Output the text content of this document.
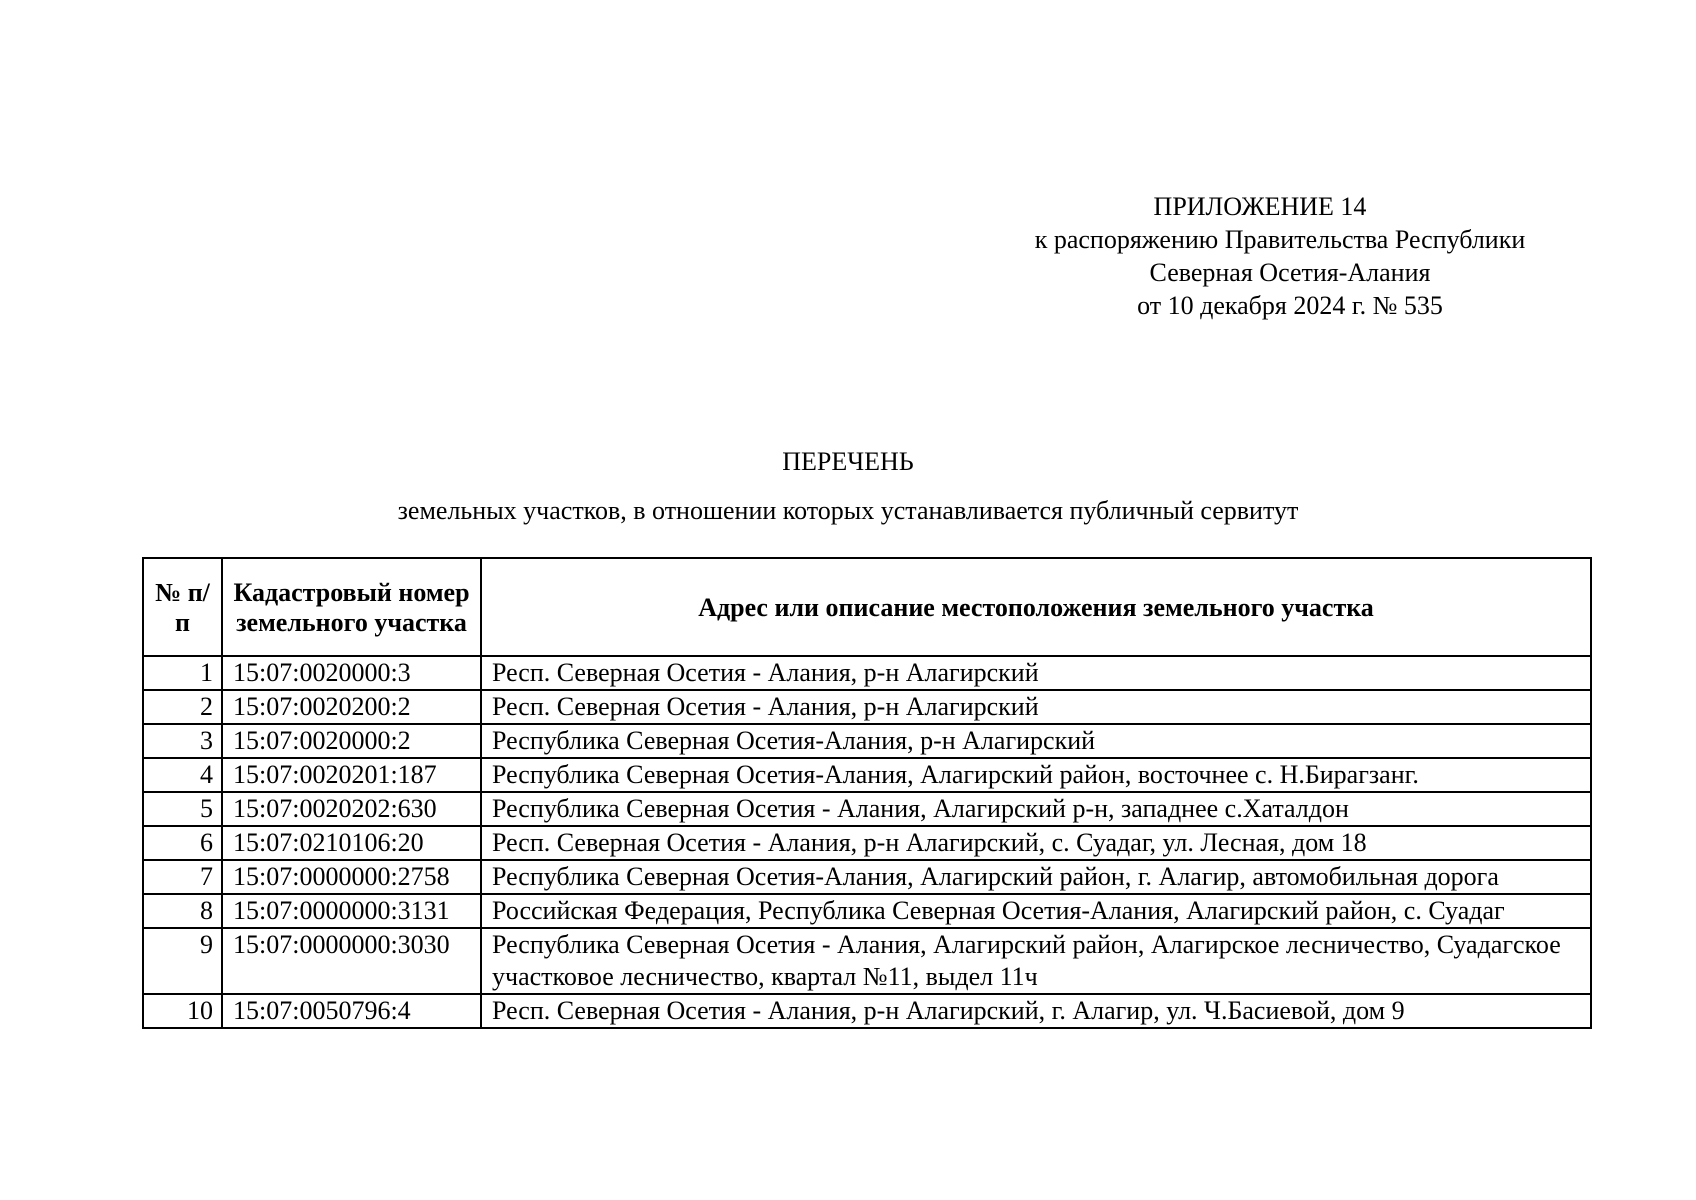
ПРИЛОЖЕНИЕ 14
к распоряжению Правительства Республики
Северная Осетия-Алания
от 10 декабря 2024 г. № 535
ПЕРЕЧЕНЬ
земельных участков, в отношении которых устанавливается публичный сервитут
№ п/п	Кадастровый номер земельного участка	Адрес или описание местоположения земельного участка
1	15:07:0020000:3	Респ. Северная Осетия - Алания, р-н Алагирский
2	15:07:0020200:2	Респ. Северная Осетия - Алания, р-н Алагирский
3	15:07:0020000:2	Республика Северная Осетия-Алания, р-н Алагирский
4	15:07:0020201:187	Республика Северная Осетия-Алания, Алагирский район, восточнее с. Н.Бирагзанг.
5	15:07:0020202:630	Республика Северная Осетия - Алания, Алагирский р-н, западнее с.Хаталдон
6	15:07:0210106:20	Респ. Северная Осетия - Алания, р-н Алагирский, с. Суадаг, ул. Лесная, дом 18
7	15:07:0000000:2758	Республика Северная Осетия-Алания, Алагирский район, г. Алагир, автомобильная дорога
8	15:07:0000000:3131	Российская Федерация, Республика Северная Осетия-Алания, Алагирский район, с. Суадаг
9	15:07:0000000:3030	Республика Северная Осетия - Алания, Алагирский район, Алагирское лесничество, Суадагское участковое лесничество, квартал №11, выдел 11ч
10	15:07:0050796:4	Респ. Северная Осетия - Алания, р-н Алагирский, г. Алагир, ул. Ч.Басиевой, дом 9
